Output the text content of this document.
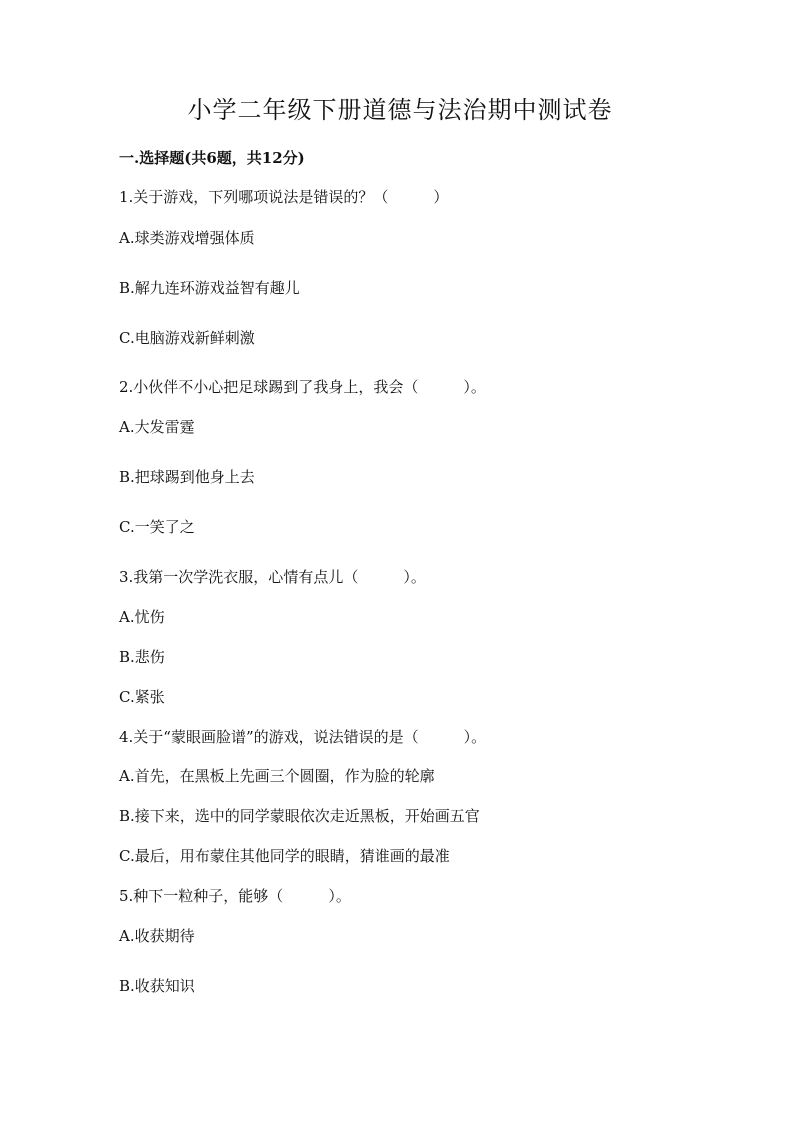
小学二年级下册道德与法治期中测试卷
一.选择题(共6题，共12分)
1.关于游戏，下列哪项说法是错误的？（　　　）
A.球类游戏增强体质
B.解九连环游戏益智有趣儿
C.电脑游戏新鲜刺激
2.小伙伴不小心把足球踢到了我身上，我会（　　　）。
A.大发雷霆
B.把球踢到他身上去
C.一笑了之
3.我第一次学洗衣服，心情有点儿（　　　）。
A.忧伤
B.悲伤
C.紧张
4.关于“蒙眼画脸谱”的游戏，说法错误的是（　　　）。
A.首先，在黑板上先画三个圆圈，作为脸的轮廓
B.接下来，选中的同学蒙眼依次走近黑板，开始画五官
C.最后，用布蒙住其他同学的眼睛，猜谁画的最准
5.种下一粒种子，能够（　　　）。
A.收获期待
B.收获知识
